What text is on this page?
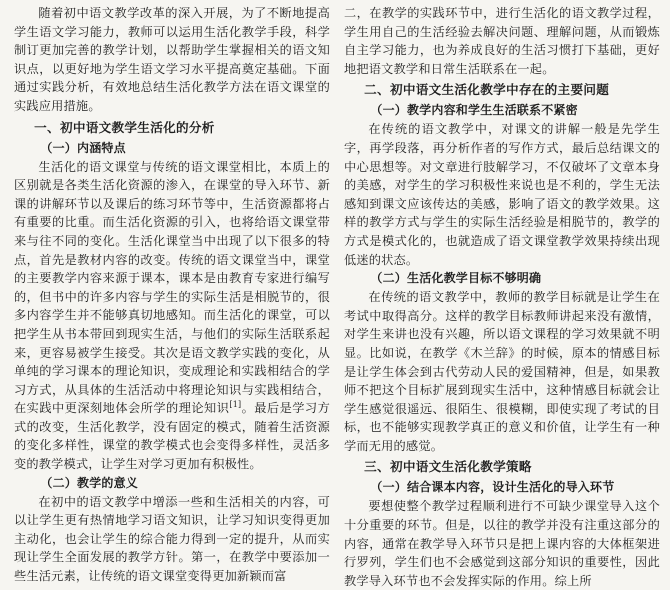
随着初中语文教学改革的深入开展，为了不断地提高学生语文学习能力，教师可以运用生活化教学手段，科学制订更加完善的教学计划，以帮助学生掌握相关的语文知识点，以更好地为学生语文学习水平提高奠定基础。下面通过实践分析，有效地总结生活化教学方法在语文课堂的实践应用措施。

一、初中语文教学生活化的分析
（一）内涵特点

生活化的语文课堂与传统的语文课堂相比，本质上的区别就是各类生活化资源的渗入，在课堂的导入环节、新课的讲解环节以及课后的练习环节等中，生活资源都将占有重要的比重。而生活化资源的引入，也将给语文课堂带来与往不同的变化。生活化课堂当中出现了以下很多的特点，首先是教材内容的改变。传统的语文课堂当中，课堂的主要教学内容来源于课本，课本是由教育专家进行编写的，但书中的许多内容与学生的实际生活是相脱节的，很多内容学生并不能够真切地感知。而生活化的课堂，可以把学生从书本带回到现实生活，与他们的实际生活联系起来，更容易被学生接受。其次是语文教学实践的变化，从单纯的学习课本的理论知识，变成理论和实践相结合的学习方式，从具体的生活活动中将理论知识与实践相结合，在实践中更深刻地体会所学的理论知识[1]。最后是学习方式的改变，生活化教学，没有固定的模式，随着生活资源的变化多样性，课堂的教学模式也会变得多样性，灵活多变的教学模式，让学生对学习更加有积极性。

（二）教学的意义

在初中的语文教学中增添一些和生活相关的内容，可以让学生更有热情地学习语文知识，让学习知识变得更加主动化，也会让学生的综合能力得到一定的提升，从而实现让学生全面发展的教学方针。第一，在教学中要添加一些生活元素，让传统的语文课堂变得更加新颖而富

二，在教学的实践环节中，进行生活化的语文教学过程，学生用自己的生活经验去解决问题、理解问题，从而锻炼自主学习能力，也为养成良好的生活习惯打下基础，更好地把语文教学和日常生活联系在一起。

二、初中语文生活化教学中存在的主要问题
（一）教学内容和学生生活联系不紧密

在传统的语文教学中，对课文的讲解一般是先学生字，再学段落，再分析作者的写作方式，最后总结课文的中心思想等。对文章进行肢解学习，不仅破坏了文章本身的美感，对学生的学习积极性来说也是不利的，学生无法感知到课文应该传达的美感，影响了语文的教学效果。这样的教学方式与学生的实际生活经验是相脱节的，教学的方式是模式化的，也就造成了语文课堂教学效果持续出现低迷的状态。

（二）生活化教学目标不够明确

在传统的语文教学中，教师的教学目标就是让学生在考试中取得高分。这样的教学目标教师讲起来没有激情，对学生来讲也没有兴趣，所以语文课程的学习效果就不明显。比如说，在教学《木兰辞》的时候，原本的情感目标是让学生体会到古代劳动人民的爱国精神，但是，如果教师不把这个目标扩展到现实生活中，这种情感目标就会让学生感觉很遥远、很陌生、很模糊，即使实现了考试的目标，也不能够实现教学真正的意义和价值，让学生有一种学而无用的感觉。

三、初中语文生活化教学策略
（一）结合课本内容，设计生活化的导入环节

要想使整个教学过程顺利进行不可缺少课堂导入这个十分重要的环节。但是，以往的教学并没有注重这部分的内容，通常在教学导入环节只是把上课内容的大体框架进行罗列，学生们也不会感觉到这部分知识的重要性，因此教学导入环节也不会发挥实际的作用。综上所
